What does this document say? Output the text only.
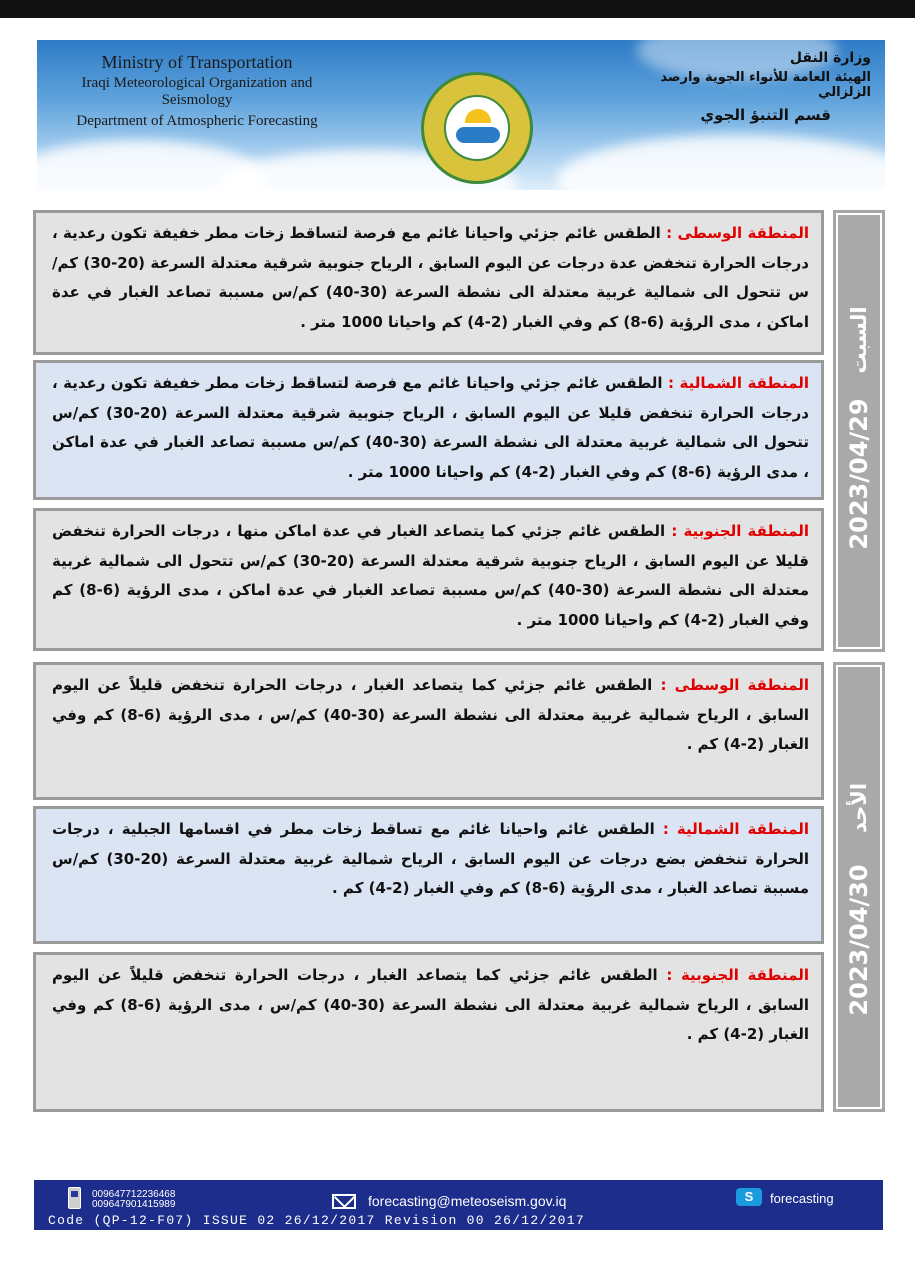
Ministry of Transportation
Iraqi Meteorological Organization and Seismology
Department of Atmospheric Forecasting
وزارة النقل
الهيئة العامة للأنواء الجوية وارصد الزلزالي
قسم التنبؤ الجوي
المنطقة الوسطى : الطقس غائم جزئي واحيانا غائم مع فرصة لتساقط زخات مطر خفيفة تكون رعدية ، درجات الحرارة تنخفض عدة درجات عن اليوم السابق ، الرياح جنوبية شرقية معتدلة السرعة (20-30) كم/س تتحول الى شمالية غربية معتدلة الى نشطة السرعة (30-40) كم/س مسببة تصاعد الغبار في عدة اماكن ، مدى الرؤية (6-8) كم وفي الغبار (2-4) كم واحيانا 1000 متر .
المنطقة الشمالية : الطقس غائم جزئي واحيانا غائم مع فرصة لتساقط زخات مطر خفيفة تكون رعدية ، درجات الحرارة تنخفض قليلا عن اليوم السابق ، الرياح جنوبية شرقية معتدلة السرعة (20-30) كم/س تتحول الى شمالية غربية معتدلة الى نشطة السرعة (30-40) كم/س مسببة تصاعد الغبار في عدة اماكن ، مدى الرؤية (6-8) كم وفي الغبار (2-4) كم واحيانا 1000 متر .
المنطقة الجنوبية : الطقس غائم جزئي كما يتصاعد الغبار في عدة اماكن منها ، درجات الحرارة تنخفض قليلا عن اليوم السابق ، الرياح جنوبية شرقية معتدلة السرعة (20-30) كم/س تتحول الى شمالية غربية معتدلة الى نشطة السرعة (30-40) كم/س مسببة تصاعد الغبار في عدة اماكن ، مدى الرؤية (6-8) كم وفي الغبار (2-4) كم واحيانا 1000 متر .
السبت
2023/04/29
المنطقة الوسطى : الطقس غائم جزئي كما يتصاعد الغبار ، درجات الحرارة تنخفض قليلاً عن اليوم السابق ، الرياح شمالية غربية معتدلة الى نشطة السرعة (30-40) كم/س ، مدى الرؤية (6-8) كم وفي الغبار (2-4) كم .
المنطقة الشمالية : الطقس غائم واحيانا غائم مع تساقط زخات مطر في اقسامها الجبلية ، درجات الحرارة تنخفض بضع درجات عن اليوم السابق ، الرياح شمالية غربية معتدلة السرعة (20-30) كم/س مسببة تصاعد الغبار ، مدى الرؤية (6-8) كم وفي الغبار (2-4) كم .
المنطقة الجنوبية : الطقس غائم جزئي كما يتصاعد الغبار ، درجات الحرارة تنخفض قليلاً عن اليوم السابق ، الرياح شمالية غربية معتدلة الى نشطة السرعة (30-40) كم/س ، مدى الرؤية (6-8) كم وفي الغبار (2-4) كم .
الأحد
2023/04/30
009647712236468
009647901415989	forecasting@meteoseism.gov.iq	S	forecasting
Code (QP-12-F07) ISSUE 02 26/12/2017 Revision 00 26/12/2017
